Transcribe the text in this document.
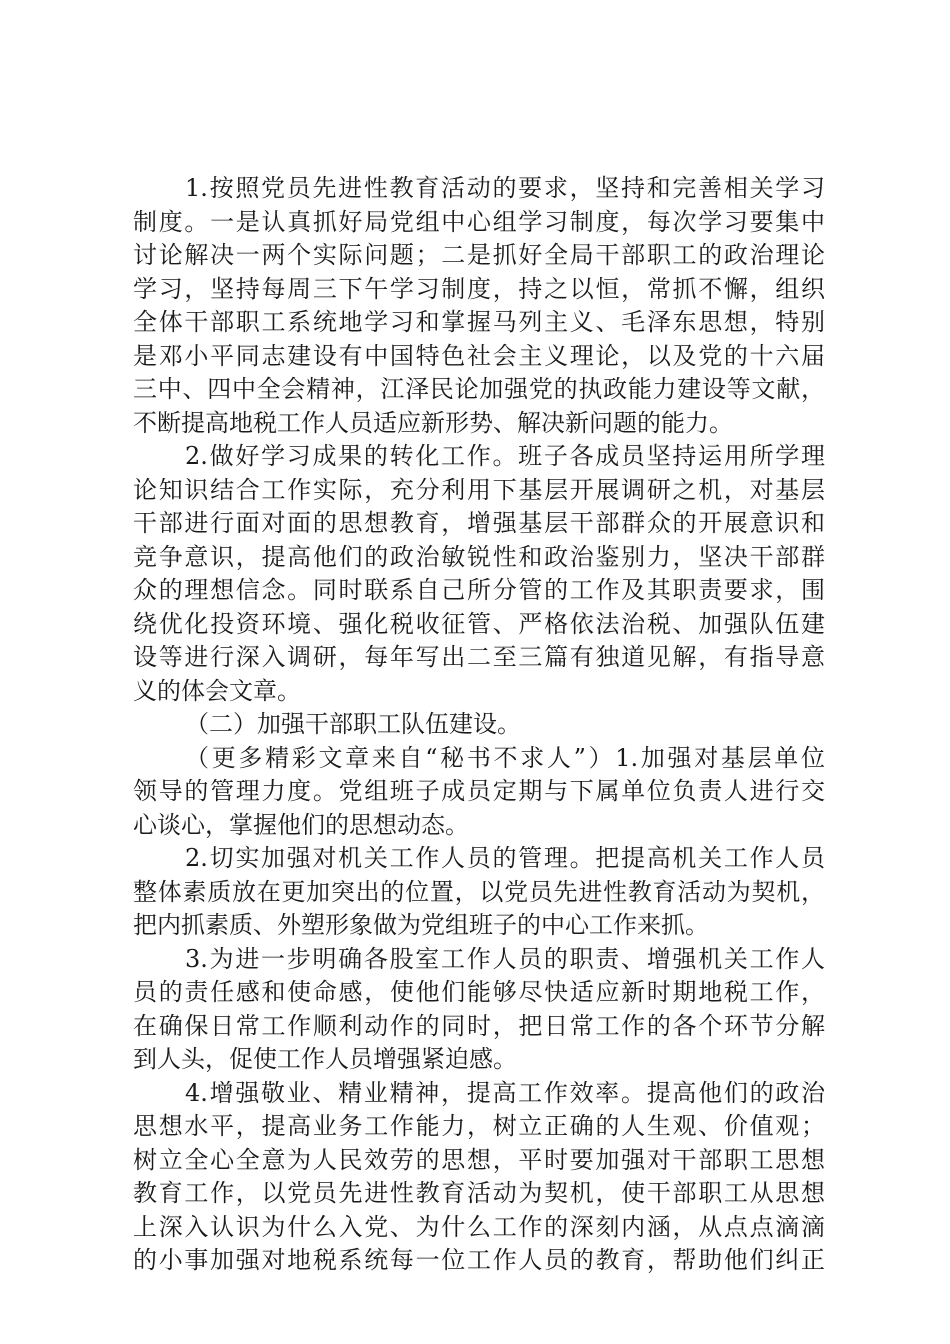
1.按照党员先进性教育活动的要求，坚持和完善相关学习
制度。一是认真抓好局党组中心组学习制度，每次学习要集中
讨论解决一两个实际问题；二是抓好全局干部职工的政治理论
学习，坚持每周三下午学习制度，持之以恒，常抓不懈，组织
全体干部职工系统地学习和掌握马列主义、毛泽东思想，特别
是邓小平同志建设有中国特色社会主义理论，以及党的十六届
三中、四中全会精神，江泽民论加强党的执政能力建设等文献，
不断提高地税工作人员适应新形势、解决新问题的能力。
2.做好学习成果的转化工作。班子各成员坚持运用所学理
论知识结合工作实际，充分利用下基层开展调研之机，对基层
干部进行面对面的思想教育，增强基层干部群众的开展意识和
竞争意识，提高他们的政治敏锐性和政治鉴别力，坚决干部群
众的理想信念。同时联系自己所分管的工作及其职责要求，围
绕优化投资环境、强化税收征管、严格依法治税、加强队伍建
设等进行深入调研，每年写出二至三篇有独道见解，有指导意
义的体会文章。
（二）加强干部职工队伍建设。
（更多精彩文章来自“秘书不求人”）1.加强对基层单位
领导的管理力度。党组班子成员定期与下属单位负责人进行交
心谈心，掌握他们的思想动态。
2.切实加强对机关工作人员的管理。把提高机关工作人员
整体素质放在更加突出的位置，以党员先进性教育活动为契机，
把内抓素质、外塑形象做为党组班子的中心工作来抓。
3.为进一步明确各股室工作人员的职责、增强机关工作人
员的责任感和使命感，使他们能够尽快适应新时期地税工作，
在确保日常工作顺利动作的同时，把日常工作的各个环节分解
到人头，促使工作人员增强紧迫感。
4.增强敬业、精业精神，提高工作效率。提高他们的政治
思想水平，提高业务工作能力，树立正确的人生观、价值观；
树立全心全意为人民效劳的思想，平时要加强对干部职工思想
教育工作，以党员先进性教育活动为契机，使干部职工从思想
上深入认识为什么入党、为什么工作的深刻内涵，从点点滴滴
的小事加强对地税系统每一位工作人员的教育，帮助他们纠正
